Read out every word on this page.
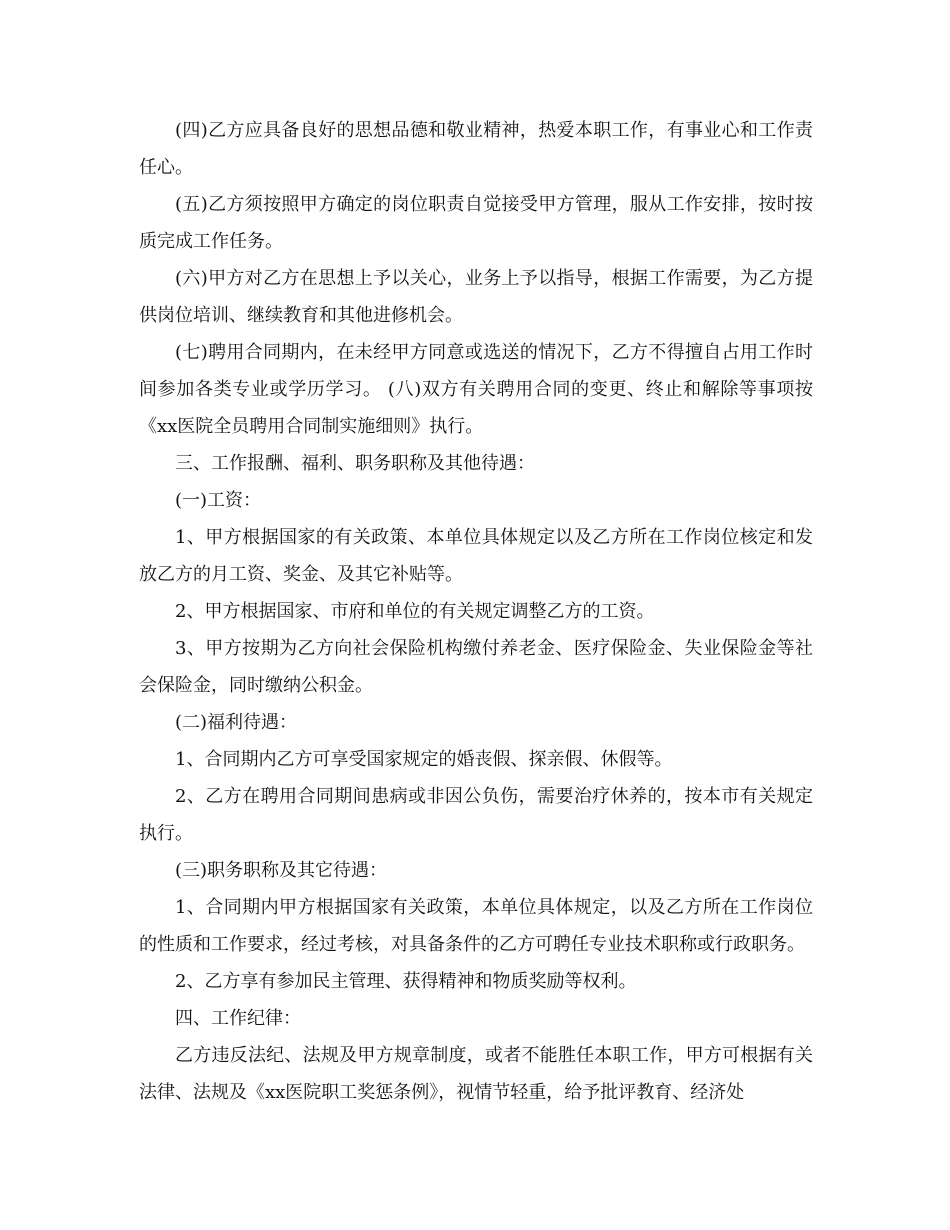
(四)乙方应具备良好的思想品德和敬业精神，热爱本职工作，有事业心和工作责任心。

(五)乙方须按照甲方确定的岗位职责自觉接受甲方管理，服从工作安排，按时按质完成工作任务。

(六)甲方对乙方在思想上予以关心，业务上予以指导，根据工作需要，为乙方提供岗位培训、继续教育和其他进修机会。

(七)聘用合同期内，在未经甲方同意或选送的情况下，乙方不得擅自占用工作时间参加各类专业或学历学习。 (八)双方有关聘用合同的变更、终止和解除等事项按《xx医院全员聘用合同制实施细则》执行。

三、工作报酬、福利、职务职称及其他待遇：

(一)工资：

1、甲方根据国家的有关政策、本单位具体规定以及乙方所在工作岗位核定和发放乙方的月工资、奖金、及其它补贴等。

2、甲方根据国家、市府和单位的有关规定调整乙方的工资。

3、甲方按期为乙方向社会保险机构缴付养老金、医疗保险金、失业保险金等社会保险金，同时缴纳公积金。

(二)福利待遇：

1、合同期内乙方可享受国家规定的婚丧假、探亲假、休假等。

2、乙方在聘用合同期间患病或非因公负伤，需要治疗休养的，按本市有关规定执行。

(三)职务职称及其它待遇：

1、合同期内甲方根据国家有关政策，本单位具体规定，以及乙方所在工作岗位的性质和工作要求，经过考核，对具备条件的乙方可聘任专业技术职称或行政职务。

2、乙方享有参加民主管理、获得精神和物质奖励等权利。

四、工作纪律：

乙方违反法纪、法规及甲方规章制度，或者不能胜任本职工作，甲方可根据有关法律、法规及《xx医院职工奖惩条例》，视情节轻重，给予批评教育、经济处
